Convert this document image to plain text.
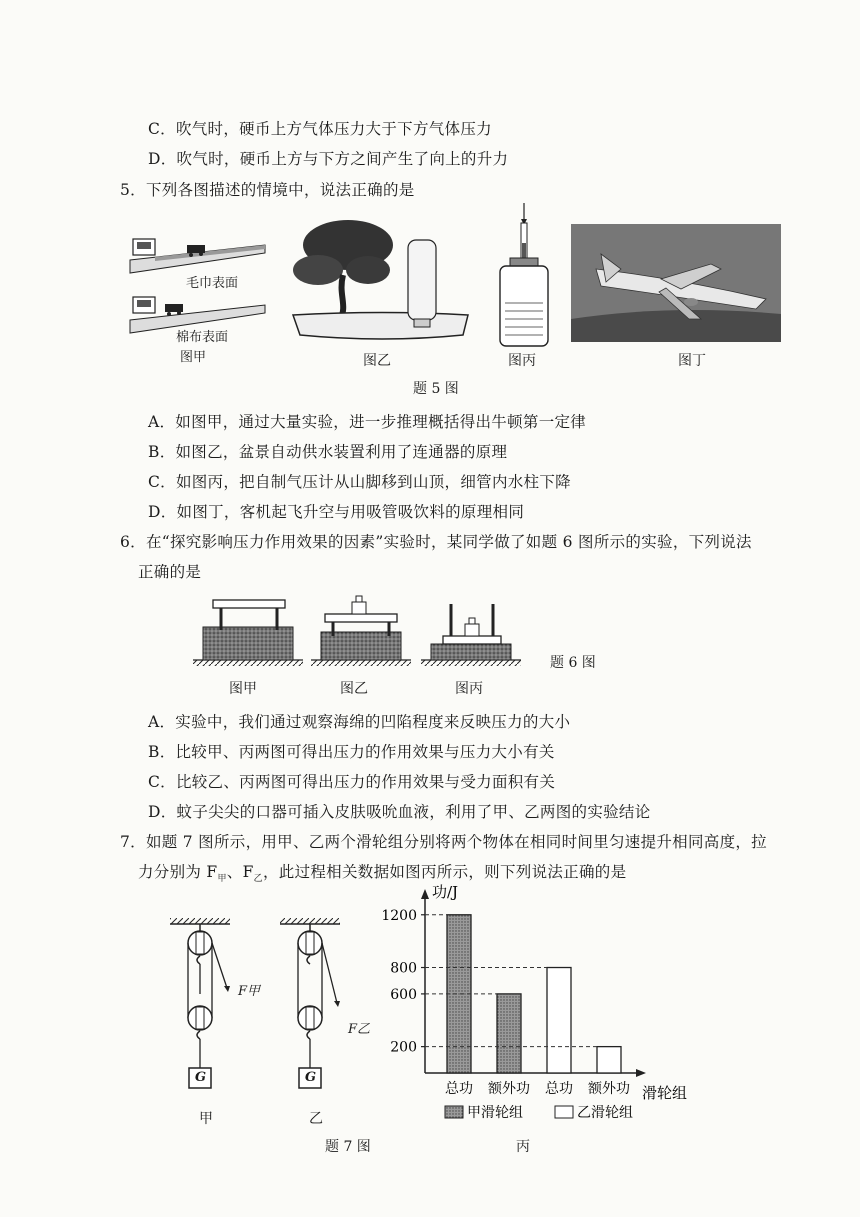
C．吹气时，硬币上方气体压力大于下方气体压力
D．吹气时，硬币上方与下方之间产生了向上的升力
5．下列各图描述的情境中，说法正确的是
毛巾表面
棉布表面
图甲	图乙	图丙	图丁
题 5 图
A．如图甲，通过大量实验，进一步推理概括得出牛顿第一定律
B．如图乙，盆景自动供水装置利用了连通器的原理
C．如图丙，把自制气压计从山脚移到山顶，细管内水柱下降
D．如图丁，客机起飞升空与用吸管吸饮料的原理相同
6．在“探究影响压力作用效果的因素”实验时，某同学做了如题 6 图所示的实验，下列说法
正确的是
题 6 图
图甲	图乙	图丙
A．实验中，我们通过观察海绵的凹陷程度来反映压力的大小
B．比较甲、丙两图可得出压力的作用效果与压力大小有关
C．比较乙、丙两图可得出压力的作用效果与受力面积有关
D．蚊子尖尖的口器可插入皮肤吸吮血液，利用了甲、乙两图的实验结论
7．如题 7 图所示，用甲、乙两个滑轮组分别将两个物体在相同时间里匀速提升相同高度，拉
力分别为 $F_甲$、$F_乙$，此过程相关数据如图丙所示，则下列说法正确的是
F甲
F乙
G	G
甲	乙
题 7 图
200
600
800
1200
总功 额外功 总功 额外功
功/J
滑轮组
甲滑轮组	乙滑轮组
丙
